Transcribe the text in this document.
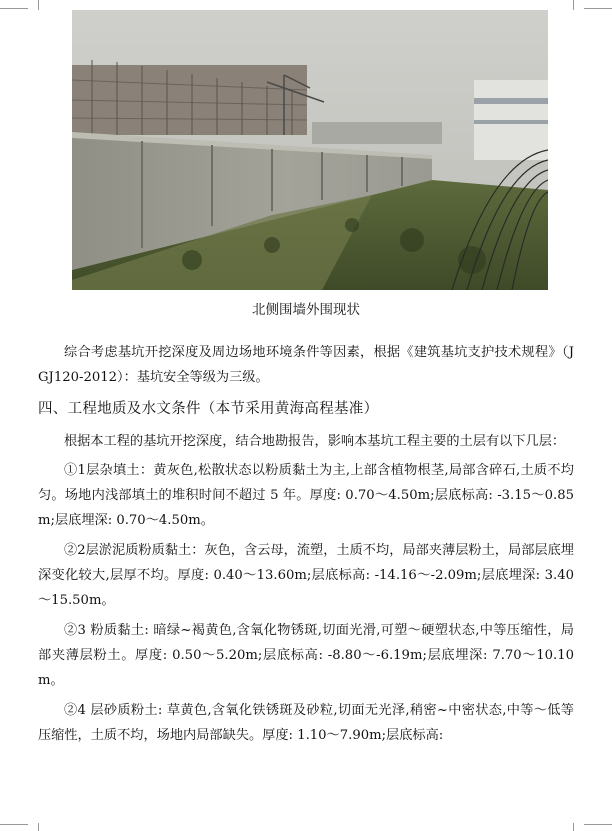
北侧围墙外围现状

综合考虑基坑开挖深度及周边场地环境条件等因素，根据《建筑基坑支护技术规程》（JGJ120-2012）：基坑安全等级为三级。

四、工程地质及水文条件（本节采用黄海高程基准）

根据本工程的基坑开挖深度，结合地勘报告，影响本基坑工程主要的土层有以下几层：

①1层杂填土：黄灰色,松散状态以粉质黏土为主,上部含植物根茎,局部含碎石,土质不均匀。场地内浅部填土的堆积时间不超过 5 年。厚度: 0.70～4.50m;层底标高: -3.15～0.85m;层底埋深: 0.70～4.50m。

②2层淤泥质粉质黏土：灰色，含云母，流塑，土质不均，局部夹薄层粉土，局部层底埋深变化较大,层厚不均。厚度: 0.40～13.60m;层底标高: -14.16～-2.09m;层底埋深: 3.40～15.50m。

②3 粉质黏土: 暗绿~褐黄色,含氧化物锈斑,切面光滑,可塑～硬塑状态,中等压缩性，局部夹薄层粉土。厚度: 0.50～5.20m;层底标高: -8.80～-6.19m;层底埋深: 7.70～10.10m。

②4 层砂质粉土: 草黄色,含氧化铁锈斑及砂粒,切面无光泽,稍密~中密状态,中等～低等压缩性，土质不均，场地内局部缺失。厚度: 1.10～7.90m;层底标高:
